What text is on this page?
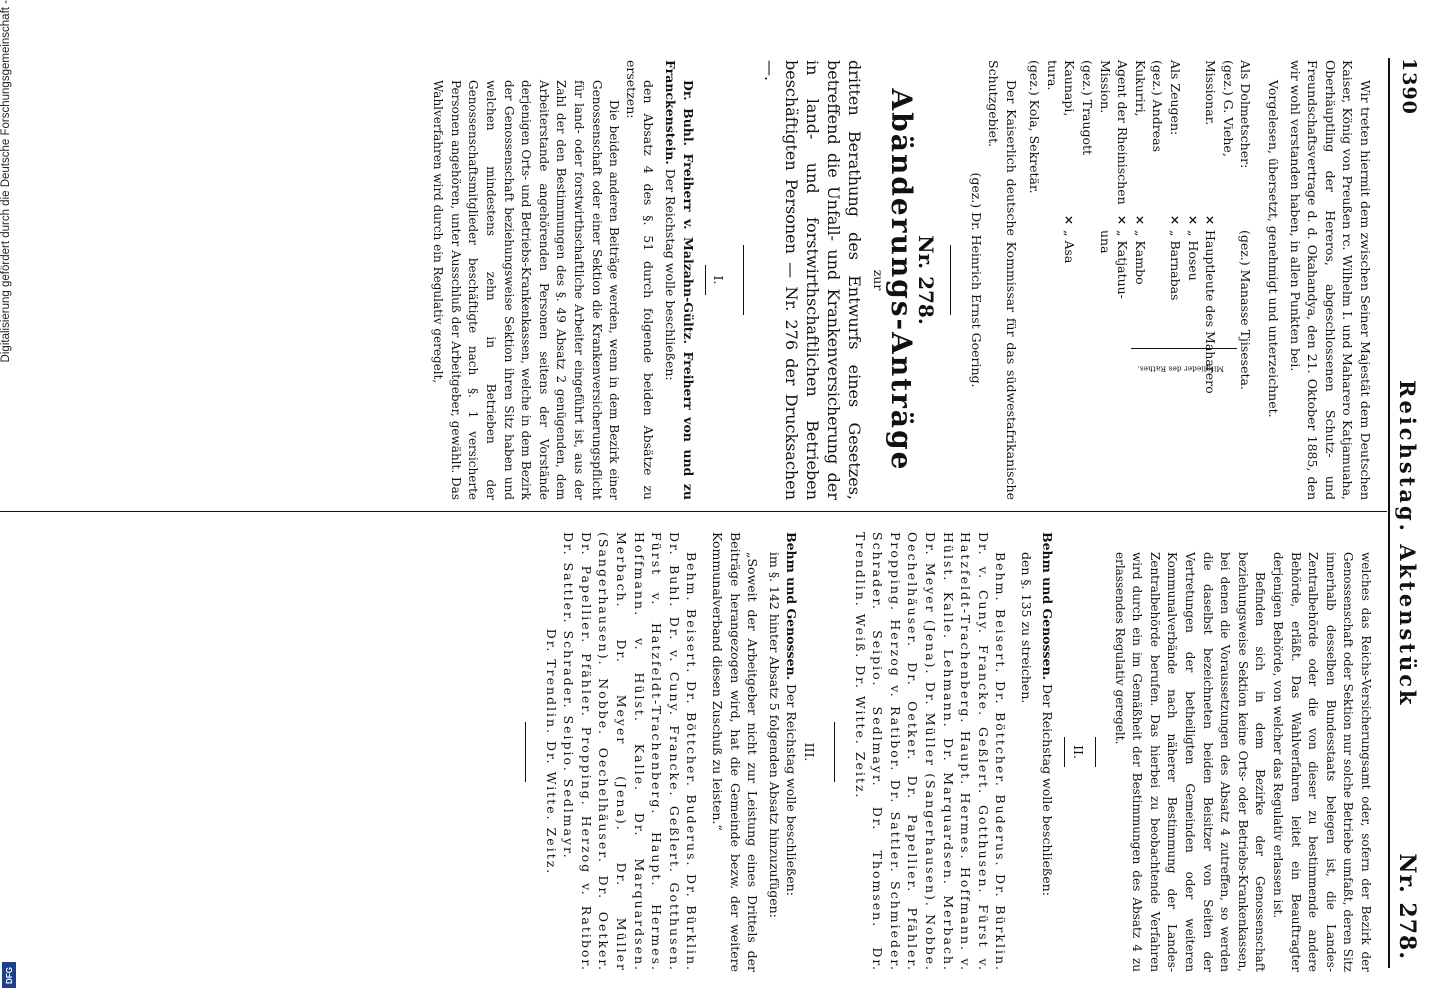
1390
Reichstag. Aktenstück
Nr. 278.

Wir treten hiermit dem zwischen Seiner Majestät dem Deutschen Kaiser, König von Preußen rc. Wilhelm I. und Maharero Katjamuaha, Oberhäuptling der Hereros, abgeschlossenen Schutz- und Freundschaftsvertrage d. d. Okahandya, den 21. Oktober 1885, den wir wohl verstanden haben, in allen Punkten bei.

Vorgelesen, übersetzt, genehmigt und unterzeichnet.

Als Dolmetscher:(gez.) Manasse Tjiseseta.
(gez.) G. Viehe, Missionar.×Hauptleute des Maharero
×„ Hoseu
Als Zeugen:×„ Barnabas
(gez.) Andreas Kukuriri,×„ Kambo
Agent der Rheinischen×„ Katjatuu-
Mission.una
(gez.) Traugott Kaunapi,×„ Asa
tura.
(gez.) Kola, Sekretär.
Mitglieder des Rathes.

Der Kaiserlich deutsche Kommissar für das südwestafrikanische Schutzgebiet.

(gez.) Dr. Heinrich Ernst Goering.

Nr. 278.

Abänderungs-Anträge

zur

dritten Berathung des Entwurfs eines Gesetzes, betreffend die Unfall- und Krankenversicherung der in land- und forstwirthschaftlichen Betrieben beschäftigten Personen — Nr. 276 der Drucksachen —.

I.

Dr. Buhl. Freiherr v. Malzahn-Gültz. Freiherr von und zu Franckenstein. Der Reichstag wolle beschließen:

den Absatz 4 des §. 51 durch folgende beiden Absätze zu ersetzen:

Die beiden anderen Beiträge werden, wenn in dem Bezirk einer Genossenschaft oder einer Sektion die Krankenversicherungspflicht für land- oder forstwirthschaftliche Arbeiter eingeführt ist, aus der Zahl der den Bestimmungen des §. 49 Absatz 2 genügenden, dem Arbeiterstande angehörenden Personen seitens der Vorstände derjenigen Orts- und Betriebs-Krankenkassen, welche in dem Bezirk der Genossenschaft beziehungsweise Sektion ihren Sitz haben und welchen mindestens zehn in Betrieben der Genossenschaftsmitglieder beschäftigte nach §. 1 versicherte Personen angehören, unter Ausschluß der Arbeitgeber, gewählt. Das Wahlverfahren wird durch ein Regulativ geregelt,

welches das Reichs-Versicherungsamt oder, sofern der Bezirk der Genossenschaft oder Sektion nur solche Betriebe umfaßt, deren Sitz innerhalb desselben Bundesstaats belegen ist, die Landes-Zentralbehörde oder die von dieser zu bestimmende andere Behörde, erläßt. Das Wahlverfahren leitet ein Beauftragter derjenigen Behörde, von welcher das Regulativ erlassen ist.

Befinden sich in dem Bezirke der Genossenschaft beziehungsweise Sektion keine Orts- oder Betriebs-Krankenkassen, bei denen die Voraussetzungen des Absatz 4 zutreffen, so werden die daselbst bezeichneten beiden Beisitzer von Seiten der Vertretungen der betheiligten Gemeinden oder weiteren Kommunalverbände nach näherer Bestimmung der Landes-Zentralbehörde berufen. Das hierbei zu beobachtende Verfahren wird durch ein im Gemäßheit der Bestimmungen des Absatz 4 zu erlassendes Regulativ geregelt.

II.

Behm und Genossen. Der Reichstag wolle beschließen:

den §. 135 zu streichen.

Behm. Beisert. Dr. Böttcher. Buderus. Dr. Bürklin. Dr. v. Cuny. Francke. Geßlert. Gotthusen. Fürst v. Hatzfeldt-Trachenberg. Haupt. Hermes. Hoffmann. v. Hülst. Kalle. Lehmann. Dr. Marquardsen. Merbach. Dr. Meyer (Jena). Dr. Müller (Sangerhausen). Nobbe. Oechelhäuser. Dr. Oetker. Dr. Papellier. Pfähler. Propping. Herzog v. Ratibor. Dr. Sattler. Schmieder. Schrader. Seipio. Sedlmayr. Dr. Thomsen. Dr. Trendlin. Weiß. Dr. Witte. Zeitz.

III.

Behm und Genossen. Der Reichstag wolle beschließen:

im §. 142 hinter Absatz 5 folgenden Absatz hinzuzufügen:

„Soweit der Arbeitgeber nicht zur Leistung eines Drittels der Beiträge herangezogen wird, hat die Gemeinde bezw. der weitere Kommunalverband diesen Zuschuß zu leisten.“

Behm. Beisert. Dr. Böttcher. Buderus. Dr. Bürklin. Dr. Buhl. Dr. v. Cuny. Francke. Geßlert. Gotthusen. Fürst v. Hatzfeldt-Trachenberg. Haupt. Hermes. Hoffmann. v. Hülst. Kalle. Dr. Marquardsen. Merbach. Dr. Meyer (Jena). Dr. Müller (Sangerhausen). Nobbe. Oechelhäuser. Dr. Oetker. Dr. Papellier. Pfähler. Propping. Herzog v. Ratibor. Dr. Sattler. Schrader. Seipio. Sedlmayr.

Dr. Trendlin. Dr. Witte. Zeitz.

Digitalisierung gefördert durch die Deutsche Forschungsgemeinschaft -
DFG
